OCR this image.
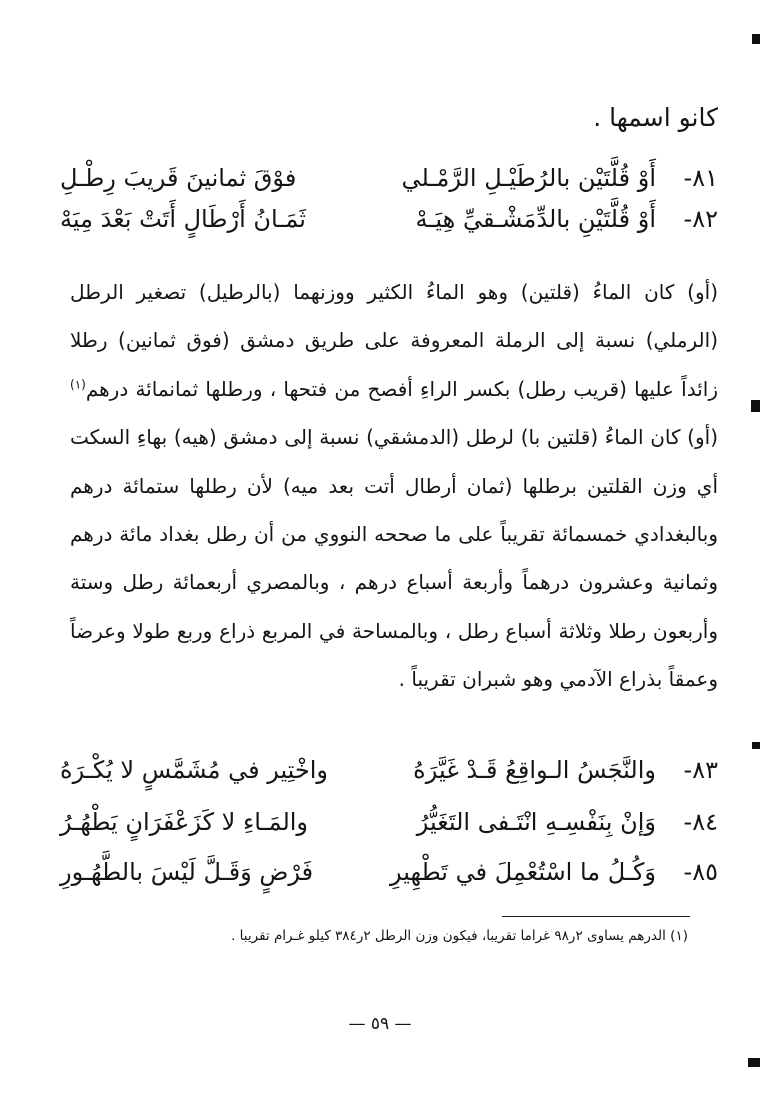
كانو اسمها .
٨١-
أَوْ قُلَّتَيْن بالرُطَيْـلِ الرَّمْـلي
فوْقَ ثمانينَ قَريبَ رِطْـلِ
٨٢-
أَوْ قُلَّتَيْنِ بالدِّمَشْـقيِّ هِيَـهْ
ثَمَـانُ أَرْطَالٍ أَتَتْ بَعْدَ مِيَهْ
(أو) كان الماءُ (قلتين) وهو الماءُ الكثير ووزنهما (بالرطيل) تصغير الرطل (الرملي) نسبة إلى الرملة المعروفة على طريق دمشق (فوق ثمانين) رطلا زائداً عليها (قريب رطل) بكسر الراءِ أفصح من فتحها ، ورطلها ثمانمائة درهم$^{(١)}$ (أو) كان الماءُ (قلتين با) لرطل (الدمشقي) نسبة إلى دمشق (هيه) بهاءِ السكت أي وزن القلتين برطلها (ثمان أرطال أتت بعد ميه) لأن رطلها ستمائة درهم وبالبغدادي خمسمائة تقريباً على ما صححه النووي من أن رطل بغداد مائة درهم وثمانية وعشرون درهماً وأربعة أسباع درهم ، وبالمصري أربعمائة رطل وستة وأربعون رطلا وثلاثة أسباع رطل ، وبالمساحة في المربع ذراع وربع طولا وعرضاً وعمقاً بذراع الآدمي وهو شبران تقريباً .
٨٣-
والنَّجَسُ الـواقِعُ قَـدْ غَيَّرَهُ
واخْتِير في مُشَمَّسٍ لا يُكْـرَهُ
٨٤-
وَإنْ بِنَفْسِـهِ انْتَـفى التَغَيُّرُ
والمَـاءِ لا كَزَعْفَرَانٍ يَطْهُـرُ
٨٥-
وَكُـلُ ما اسْتُعْمِلَ في تَطْهِيرِ
فَرْضٍ وَقَـلَّ لَيْسَ بالطَّهُـورِ
(١) الدرهم يساوى ٢ر٩٨ غراما تقريبا، فيكون وزن الرطل ٢ر٣٨٤ كيلو غـرام تقريبا .
— ٥٩ —
